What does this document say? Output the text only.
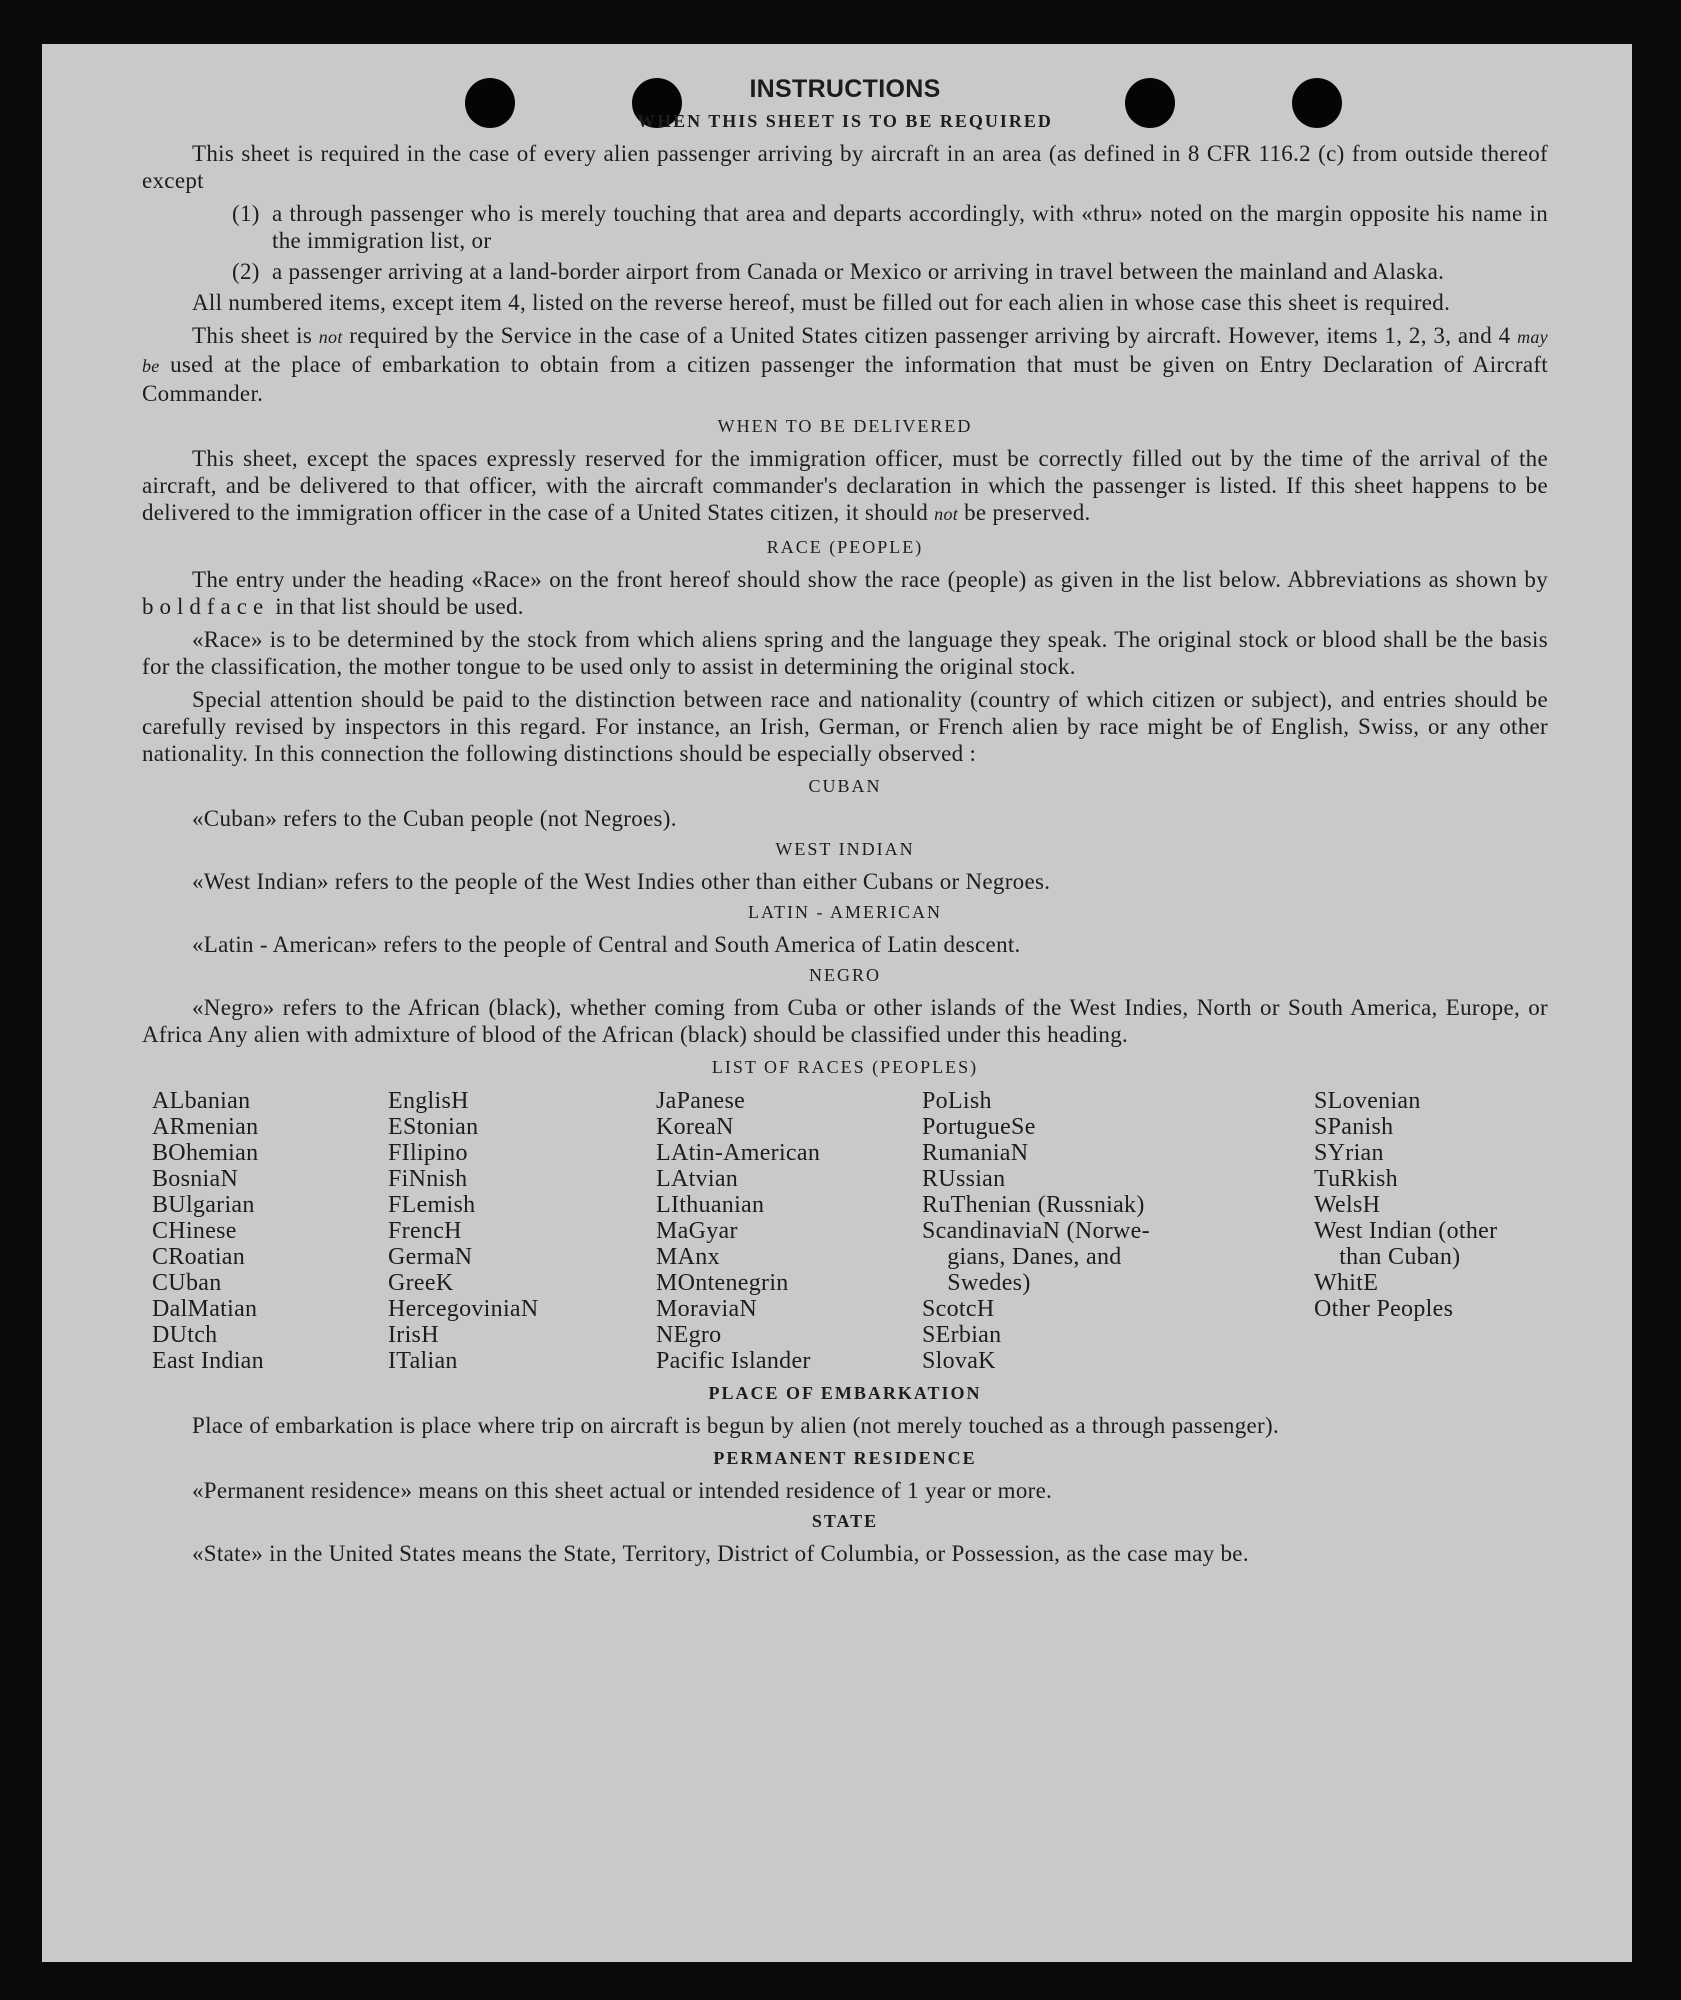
INSTRUCTIONS
WHEN THIS SHEET IS TO BE REQUIRED

This sheet is required in the case of every alien passenger arriving by aircraft in an area (as defined in 8 CFR 116.2 (c) from outside thereof except

(1) a through passenger who is merely touching that area and departs accordingly, with «thru» noted on the margin opposite his name in the immigration list, or
(2) a passenger arriving at a land-border airport from Canada or Mexico or arriving in travel between the mainland and Alaska.

All numbered items, except item 4, listed on the reverse hereof, must be filled out for each alien in whose case this sheet is required.

This sheet is not required by the Service in the case of a United States citizen passenger arriving by aircraft. However, items 1, 2, 3, and 4 may be used at the place of embarkation to obtain from a citizen passenger the information that must be given on Entry Declaration of Aircraft Commander.

WHEN TO BE DELIVERED

This sheet, except the spaces expressly reserved for the immigration officer, must be correctly filled out by the time of the arrival of the aircraft, and be delivered to that officer, with the aircraft commander's declaration in which the passenger is listed. If this sheet happens to be delivered to the immigration officer in the case of a United States citizen, it should not be preserved.

RACE (PEOPLE)

The entry under the heading «Race» on the front hereof should show the race (people) as given in the list below. Abbreviations as shown by boldface in that list should be used.

«Race» is to be determined by the stock from which aliens spring and the language they speak. The original stock or blood shall be the basis for the classification, the mother tongue to be used only to assist in determining the original stock.

Special attention should be paid to the distinction between race and nationality (country of which citizen or subject), and entries should be carefully revised by inspectors in this regard. For instance, an Irish, German, or French alien by race might be of English, Swiss, or any other nationality. In this connection the following distinctions should be especially observed :

CUBAN

«Cuban» refers to the Cuban people (not Negroes).

WEST INDIAN

«West Indian» refers to the people of the West Indies other than either Cubans or Negroes.

LATIN - AMERICAN

«Latin - American» refers to the people of Central and South America of Latin descent.

NEGRO

«Negro» refers to the African (black), whether coming from Cuba or other islands of the West Indies, North or South America, Europe, or Africa Any alien with admixture of blood of the African (black) should be classified under this heading.

LIST OF RACES (PEOPLES)
ALbanian
ARmenian
BOhemian
BosniaN
BUlgarian
CHinese
CRoatian
CUban
DalMatian
DUtch
East Indian
EnglisH
EStonian
FIlipino
FiNnish
FLemish
FrencH
GermaN
GreeK
HercegovinіaN
IrisH
ITalian
JaPanese
KoreaN
LAtin-American
LAtvian
LIthuanian
MaGyar
MAnx
MOntenegrin
MoraviaN
NEgro
Pacific Islander
PoLish
PortugueSe
RumaniaN
RUssian
RuThenian (Russniak)
ScandinaviaN (Norwe-
gians, Danes, and
Swedes)
ScotcH
SErbian
SlovaK
SLovenian
SPanish
SYrian
TuRkish
WelsH
West Indian (other
than Cuban)
WhitE
Other Peoples
PLACE OF EMBARKATION

Place of embarkation is place where trip on aircraft is begun by alien (not merely touched as a through passenger).

PERMANENT RESIDENCE

«Permanent residence» means on this sheet actual or intended residence of 1 year or more.

STATE

«State» in the United States means the State, Territory, District of Columbia, or Possession, as the case may be.
